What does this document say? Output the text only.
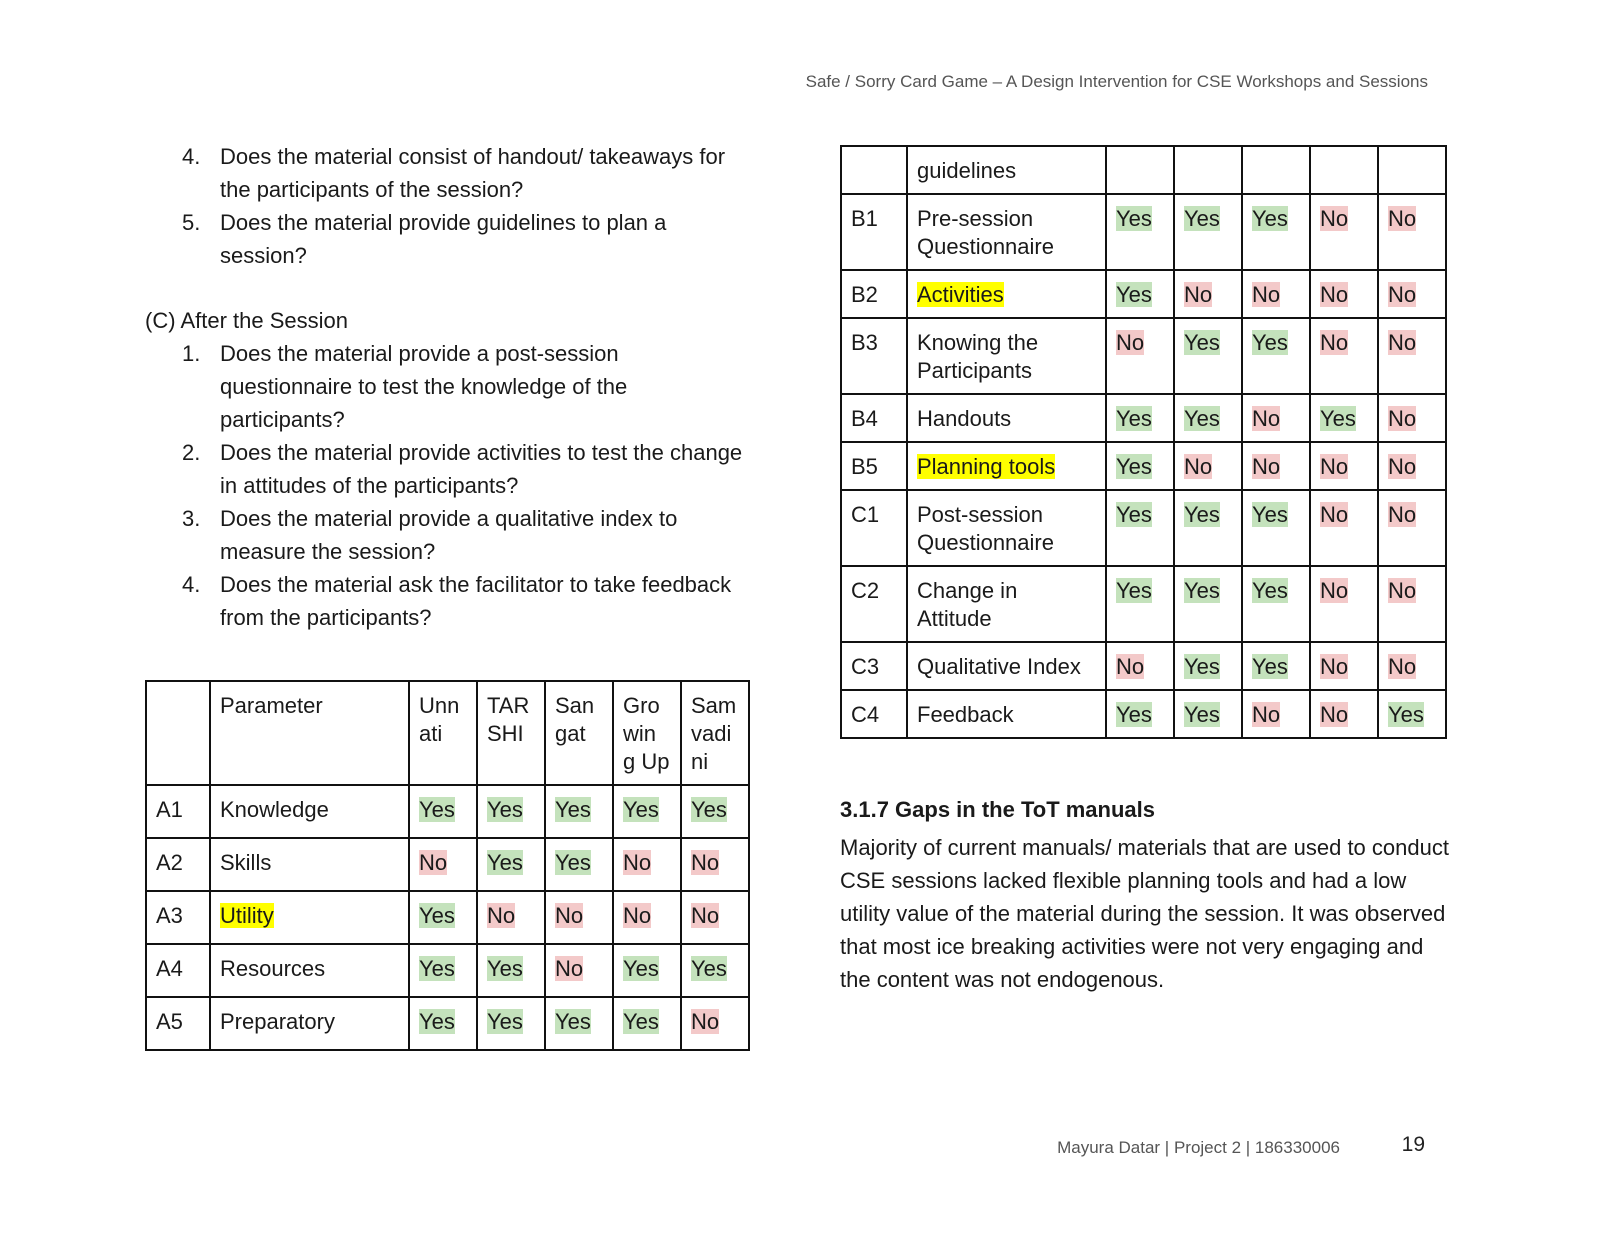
Safe / Sorry Card Game – A Design Intervention for CSE Workshops and Sessions
4. Does the material consist of handout/ takeaways for the participants of the session?
5. Does the material provide guidelines to plan a session?
(C) After the Session
1. Does the material provide a post-session questionnaire to test the knowledge of the participants?
2. Does the material provide activities to test the change in attitudes of the participants?
3. Does the material provide a qualitative index to measure the session?
4. Does the material ask the facilitator to take feedback from the participants?
	Parameter	Unn ati	TAR SHI	San gat	Gro win g Up	Sam vadi ni
A1	Knowledge	Yes	Yes	Yes	Yes	Yes
A2	Skills	No	Yes	Yes	No	No
A3	Utility	Yes	No	No	No	No
A4	Resources	Yes	Yes	No	Yes	Yes
A5	Preparatory	Yes	Yes	Yes	Yes	No
	guidelines					
B1	Pre-session Questionnaire	Yes	Yes	Yes	No	No
B2	Activities	Yes	No	No	No	No
B3	Knowing the Participants	No	Yes	Yes	No	No
B4	Handouts	Yes	Yes	No	Yes	No
B5	Planning tools	Yes	No	No	No	No
C1	Post-session Questionnaire	Yes	Yes	Yes	No	No
C2	Change in Attitude	Yes	Yes	Yes	No	No
C3	Qualitative Index	No	Yes	Yes	No	No
C4	Feedback	Yes	Yes	No	No	Yes
3.1.7 Gaps in the ToT manuals
Majority of current manuals/ materials that are used to conduct CSE sessions lacked flexible planning tools and had a low utility value of the material during the session. It was observed that most ice breaking activities were not very engaging and the content was not endogenous.
Mayura Datar | Project 2 | 186330006	19
